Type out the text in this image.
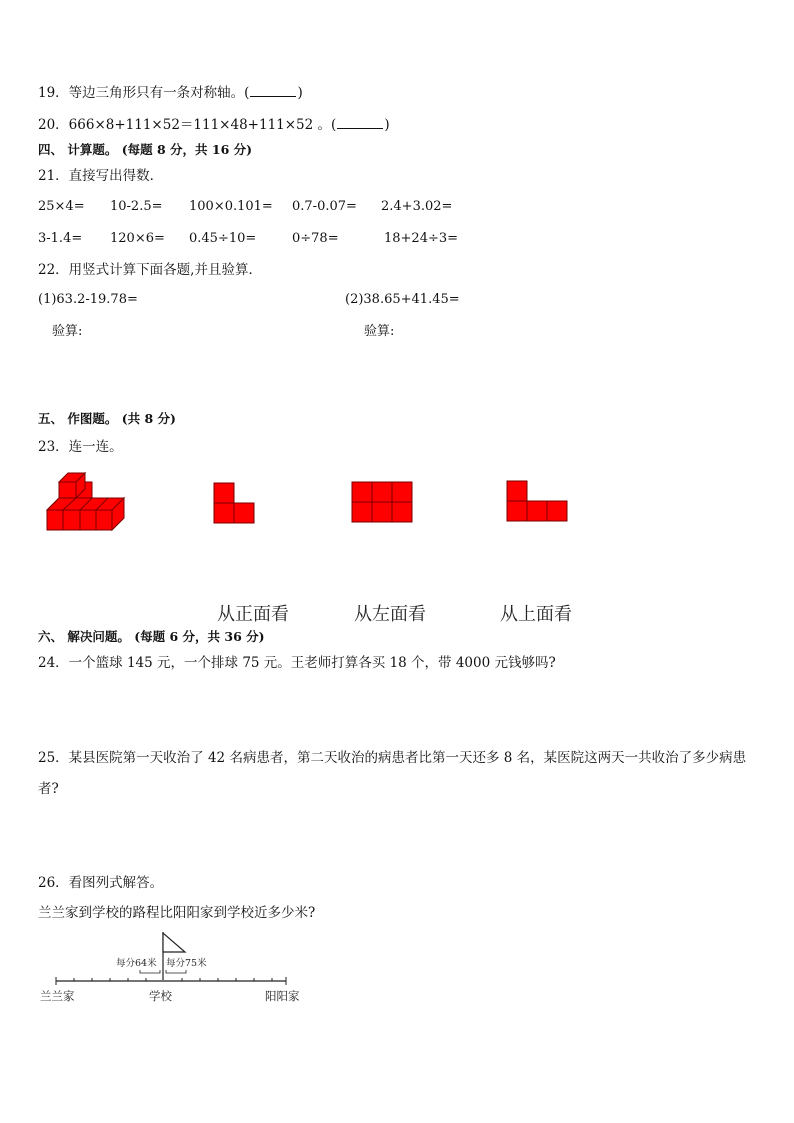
19．等边三角形只有一条对称轴。(	)
20．666×8+111×52＝111×48+111×52 。(	)
四、 计算题。 (每题 8 分，共 16 分)
21．直接写出得数．
25×4= 10-2.5= 100×0.101= 0.7-0.07= 2.4+3.02=
3-1.4= 120×6= 0.45÷10=	0÷78=	18+24÷3=
22．用竖式计算下面各题,并且验算．
(1)63.2-19.78=	(2)38.65+41.45=
验算:	验算:
五、 作图题。 (共 8 分)
23．连一连。
从正面看	从左面看	从上面看
六、 解决问题。 (每题 6 分，共 36 分)
24．一个篮球 145 元，一个排球 75 元。王老师打算各买 18 个，带 4000 元钱够吗?
25．某县医院第一天收治了 42 名病患者，第二天收治的病患者比第一天还多 8 名，某医院这两天一共收治了多少病患
者?
26．看图列式解答。
兰兰家到学校的路程比阳阳家到学校近多少米?
每分64米 每分75米
兰兰家	学校	阳阳家
